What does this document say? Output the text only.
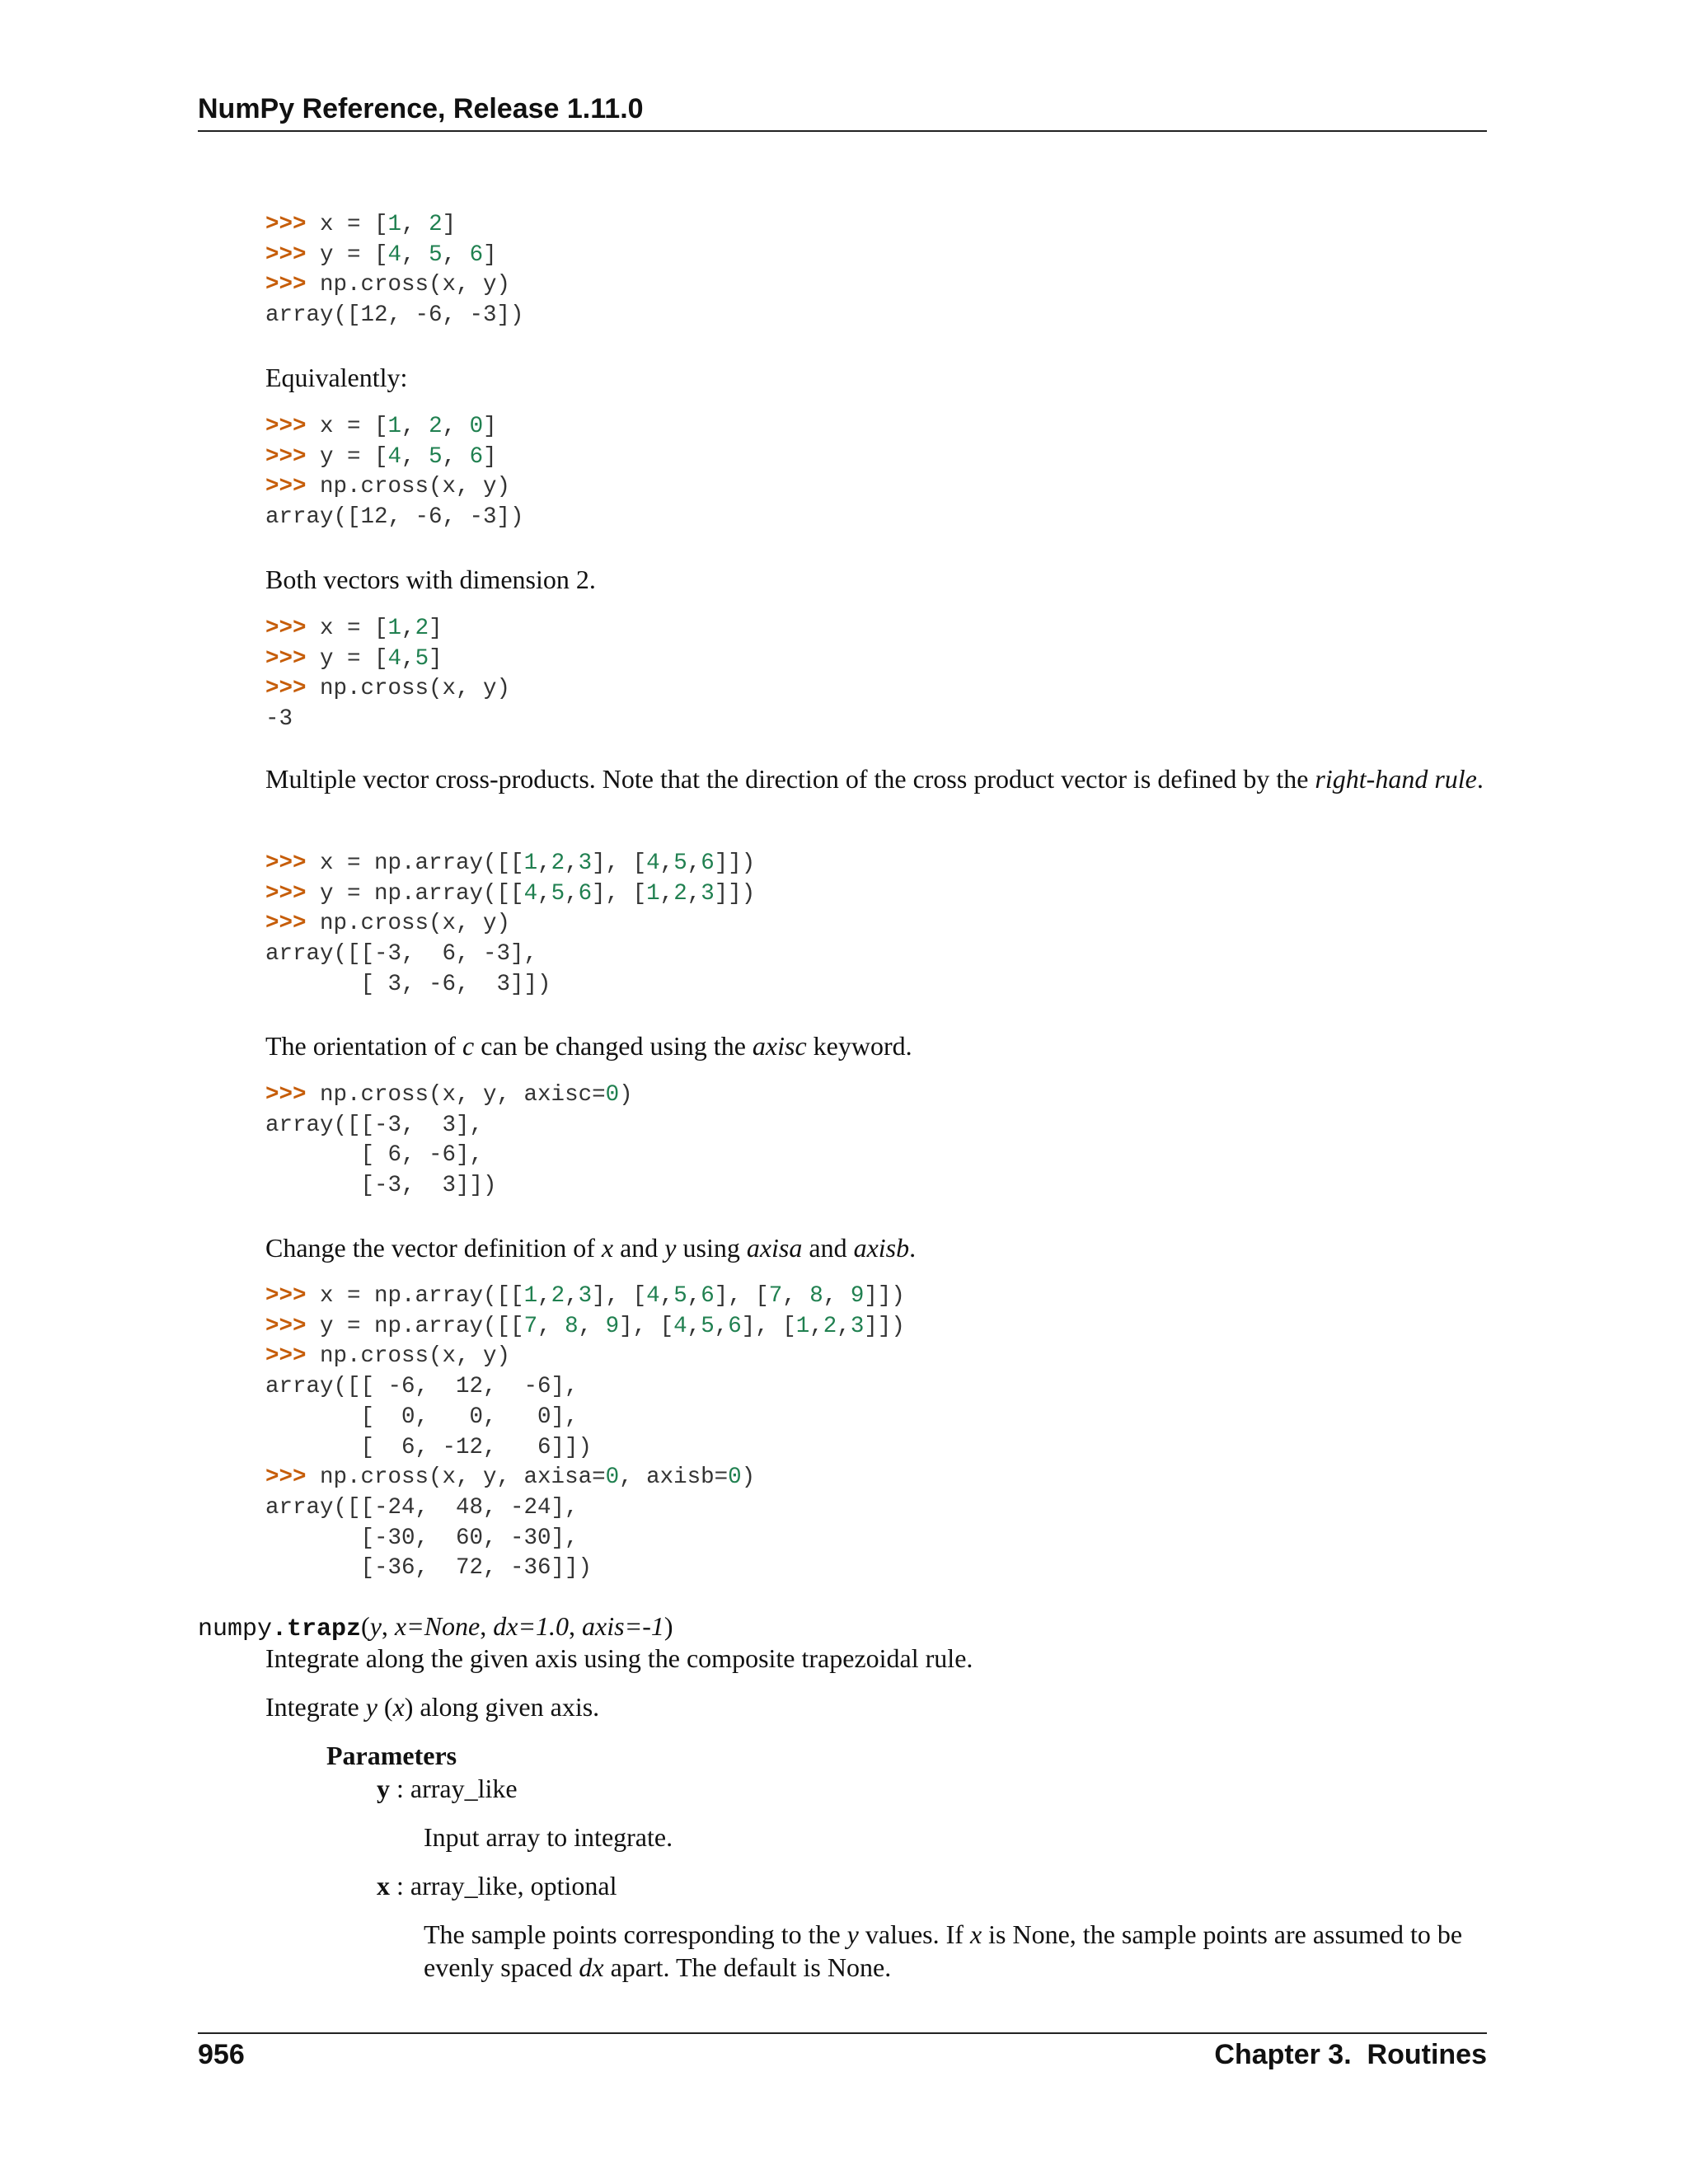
NumPy Reference, Release 1.11.0
>>> x = [1, 2]
>>> y = [4, 5, 6]
>>> np.cross(x, y)
array([12, -6, -3])

Equivalently:

>>> x = [1, 2, 0]
>>> y = [4, 5, 6]
>>> np.cross(x, y)
array([12, -6, -3])

Both vectors with dimension 2.

>>> x = [1,2]
>>> y = [4,5]
>>> np.cross(x, y)
-3

Multiple vector cross-products. Note that the direction of the cross product vector is defined by the right-hand rule.

>>> x = np.array([[1,2,3], [4,5,6]])
>>> y = np.array([[4,5,6], [1,2,3]])
>>> np.cross(x, y)
array([[-3,  6, -3],
[ 3, -6,  3]])

The orientation of c can be changed using the axisc keyword.

>>> np.cross(x, y, axisc=0)
array([[-3,  3],
[ 6, -6],
[-3,  3]])

Change the vector definition of x and y using axisa and axisb.

>>> x = np.array([[1,2,3], [4,5,6], [7, 8, 9]])
>>> y = np.array([[7, 8, 9], [4,5,6], [1,2,3]])
>>> np.cross(x, y)
array([[ -6,  12,  -6],
[  0,   0,   0],
[  6, -12,   6]])
>>> np.cross(x, y, axisa=0, axisb=0)
array([[-24,  48, -24],
[-30,  60, -30],
[-36,  72, -36]])
numpy.trapz(y, x=None, dx=1.0, axis=-1)

Integrate along the given axis using the composite trapezoidal rule.

Integrate y (x) along given axis.

Parameters
y : array_like
Input array to integrate.
x : array_like, optional
The sample points corresponding to the y values. If x is None, the sample points are assumed to be evenly spaced dx apart. The default is None.
956	Chapter 3.  Routines
